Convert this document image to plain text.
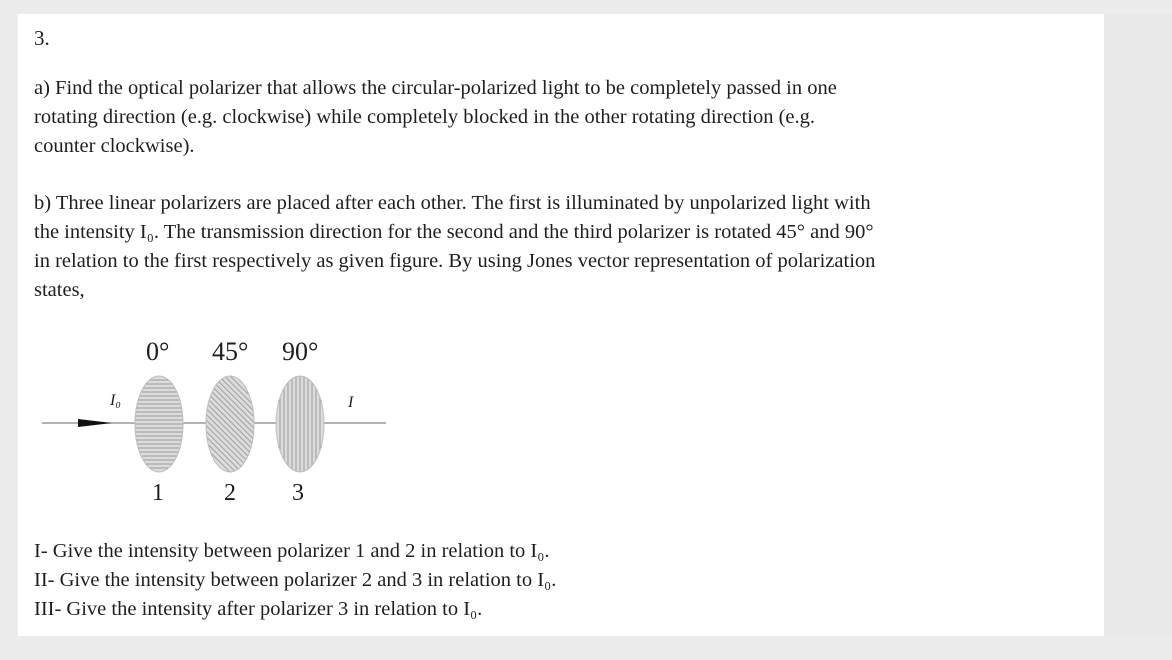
3.
a) Find the optical polarizer that allows the circular-polarized light to be completely passed in one
rotating direction (e.g. clockwise) while completely blocked in the other rotating direction (e.g.
counter clockwise).
b) Three linear polarizers are placed after each other. The first is illuminated by unpolarized light with
the intensity I₀. The transmission direction for the second and the third polarizer is rotated 45° and 90°
in relation to the first respectively as given figure. By using Jones vector representation of polarization
states,
0° 45° 90°
I₀	I
1	2 3
I- Give the intensity between polarizer 1 and 2 in relation to I₀.
II- Give the intensity between polarizer 2 and 3 in relation to I₀.
III- Give the intensity after polarizer 3 in relation to I₀.
